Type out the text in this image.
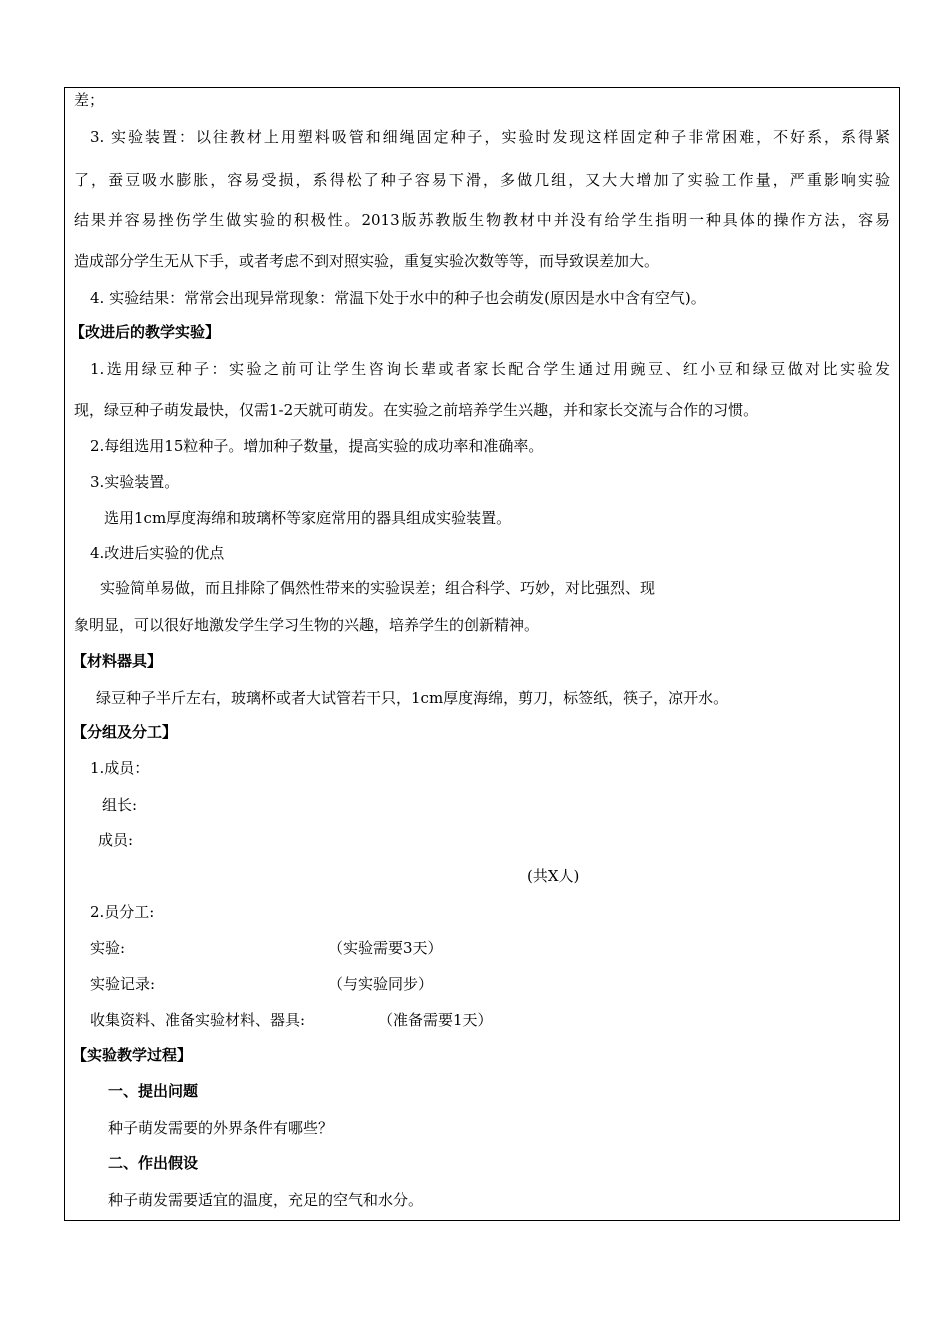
差；
3. 实验装置：以往教材上用塑料吸管和细绳固定种子，实验时发现这样固定种子非常困难，不好系，系得紧
了，蚕豆吸水膨胀，容易受损，系得松了种子容易下滑，多做几组，又大大增加了实验工作量，严重影响实验
结果并容易挫伤学生做实验的积极性。2013版苏教版生物教材中并没有给学生指明一种具体的操作方法，容易
造成部分学生无从下手，或者考虑不到对照实验，重复实验次数等等，而导致误差加大。
4. 实验结果：常常会出现异常现象：常温下处于水中的种子也会萌发(原因是水中含有空气)。
【改进后的教学实验】
1.选用绿豆种子：实验之前可让学生咨询长辈或者家长配合学生通过用豌豆、红小豆和绿豆做对比实验发
现，绿豆种子萌发最快，仅需1-2天就可萌发。在实验之前培养学生兴趣，并和家长交流与合作的习惯。
2.每组选用15粒种子。增加种子数量，提高实验的成功率和准确率。
3.实验装置。
选用1cm厚度海绵和玻璃杯等家庭常用的器具组成实验装置。
4.改进后实验的优点
实验简单易做，而且排除了偶然性带来的实验误差；组合科学、巧妙，对比强烈、现
象明显，可以很好地激发学生学习生物的兴趣，培养学生的创新精神。
【材料器具】
绿豆种子半斤左右，玻璃杯或者大试管若干只，1cm厚度海绵，剪刀，标签纸，筷子，凉开水。
【分组及分工】
1.成员：
组长:
成员:
(共X人)
2.员分工:
实验:	（实验需要3天）
实验记录:	（与实验同步）
收集资料、准备实验材料、器具:	（准备需要1天）
【实验教学过程】
一、提出问题
种子萌发需要的外界条件有哪些？
二、作出假设
种子萌发需要适宜的温度，充足的空气和水分。
